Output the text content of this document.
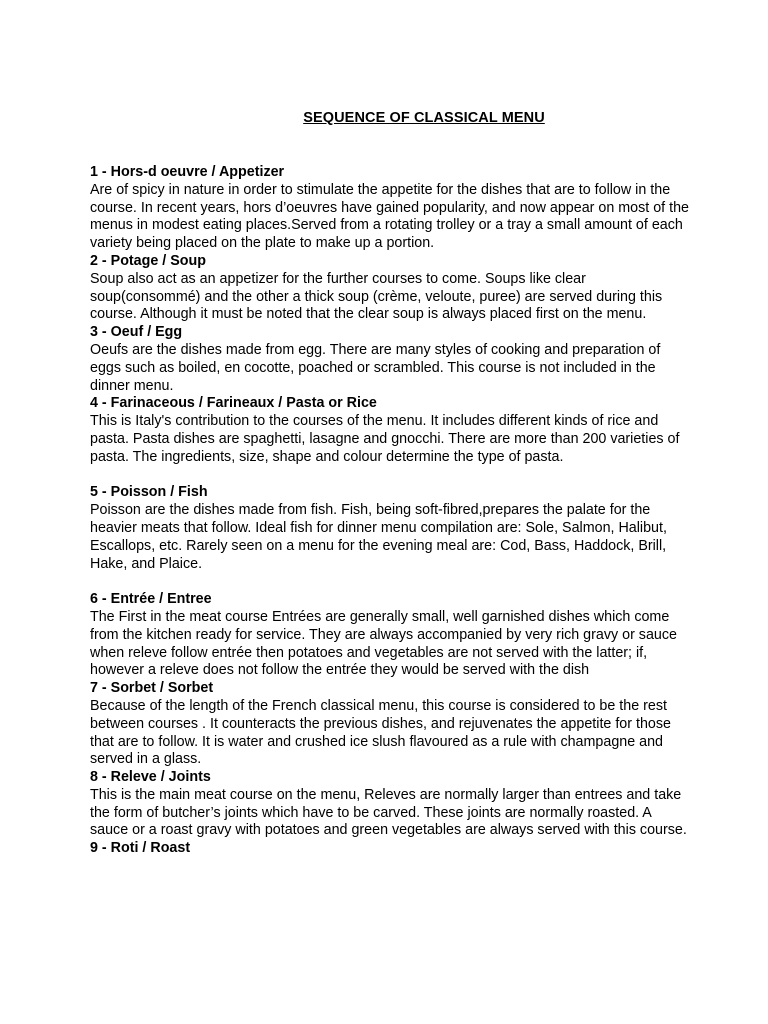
SEQUENCE OF CLASSICAL MENU

1 - Hors-d oeuvre / Appetizer

Are of spicy in nature in order to stimulate the appetite for the dishes that are to follow in the course. In recent years, hors d’oeuvres have gained popularity, and now appear on most of the menus in modest eating places.Served from a rotating trolley or a tray a small amount of each variety being placed on the plate to make up a portion.

2 - Potage / Soup

Soup also act as an appetizer for the further courses to come. Soups like clear soup(consommé) and the other a thick soup (crème, veloute, puree) are served during this course. Although it must be noted that the clear soup is always placed first on the menu.

3 - Oeuf / Egg

Oeufs are the dishes made from egg. There are many styles of cooking and preparation of eggs such as boiled, en cocotte, poached or scrambled. This course is not included in the dinner menu.

4 - Farinaceous / Farineaux / Pasta or Rice

This is Italy's contribution to the courses of the menu. It includes different kinds of rice and pasta. Pasta dishes are spaghetti, lasagne and gnocchi. There are more than 200 varieties of pasta. The ingredients, size, shape and colour determine the type of pasta.

5 - Poisson / Fish

Poisson are the dishes made from fish. Fish, being soft-fibred,prepares the palate for the heavier meats that follow. Ideal fish for dinner menu compilation are: Sole, Salmon, Halibut, Escallops, etc. Rarely seen on a menu for the evening meal are: Cod, Bass, Haddock, Brill, Hake, and Plaice.

6 - Entrée / Entree

The First in the meat course Entrées are generally small, well garnished dishes which come from the kitchen ready for service. They are always accompanied by very rich gravy or sauce when releve follow entrée then potatoes and vegetables are not served with the latter; if, however a releve does not follow the entrée they would be served with the dish

7 - Sorbet / Sorbet

Because of the length of the French classical menu, this course is considered to be the rest between courses . It counteracts the previous dishes, and rejuvenates the appetite for those that are to follow. It is water and crushed ice slush flavoured as a rule with champagne and served in a glass.

8 - Releve / Joints

This is the main meat course on the menu, Releves are normally larger than entrees and take the form of butcher’s joints which have to be carved. These joints are normally roasted. A sauce or a roast gravy with potatoes and green vegetables are always served with this course.

9 - Roti / Roast
